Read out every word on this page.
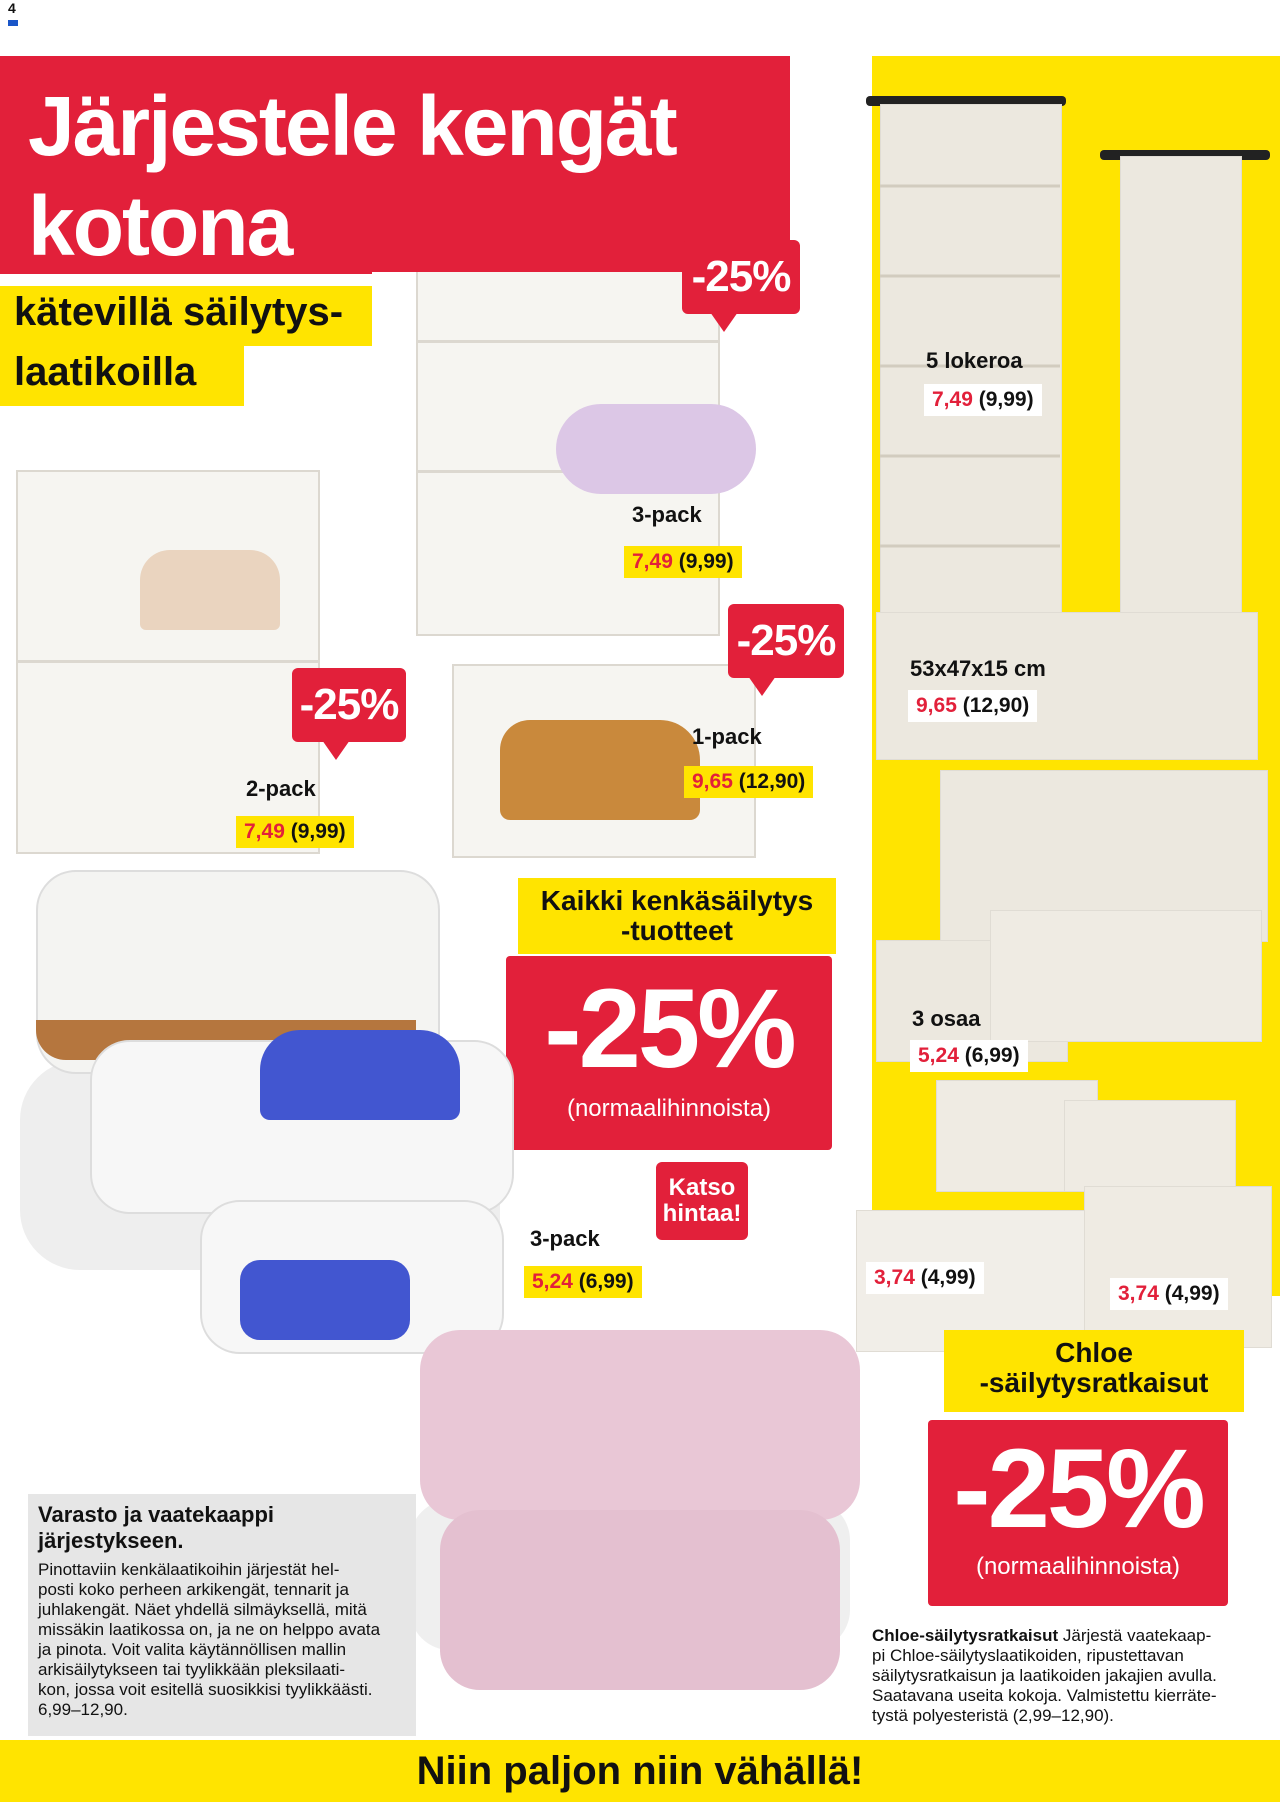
4
5 lokeroa
7,49 (9,99)
53x47x15 cm
9,65 (12,90)
3 osaa
5,24 (6,99)
3,74 (4,99)
3,74 (4,99)
Chloe
-säilytysratkaisut
-25%
(normaalihinnoista)
Chloe-säilytysratkaisut Järjestä vaatekaap-
pi Chloe-säilytyslaatikoiden, ripustettavan
säilytysratkaisun ja laatikoiden jakajien avulla.
Saatavana useita kokoja. Valmistettu kierräte-
tystä polyesteristä (2,99–12,90).
Järjestele kengät
kotona
kätevillä säilytys-
laatikoilla
-25%
-25%
-25%
3-pack
7,49 (9,99)
2-pack
7,49 (9,99)
1-pack
9,65 (12,90)
Kaikki kenkäsäilytys
-tuotteet
-25%
(normaalihinnoista)
Katso hintaa!
3-pack
5,24 (6,99)
Varasto ja vaatekaappi
järjestykseen.
Pinottaviin kenkälaatikoihin järjestät hel-
posti koko perheen arkikengät, tennarit ja
juhlakengät. Näet yhdellä silmäyksellä, mitä
missäkin laatikossa on, ja ne on helppo avata
ja pinota. Voit valita käytännöllisen mallin
arkisäilytykseen tai tyylikkään pleksilaati-
kon, jossa voit esitellä suosikkisi tyylikkäästi.
6,99–12,90.
Niin paljon niin vähällä!
